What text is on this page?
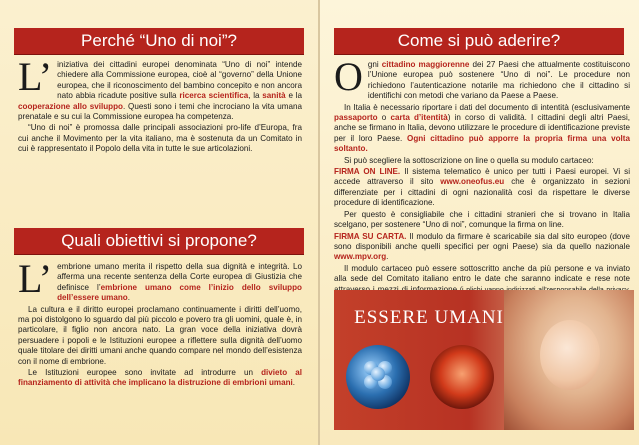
Perché “Uno di noi”?
L’ iniziativa dei cittadini europei denominata “Uno di noi” intende chiedere alla Commissione europea, cioè al “governo” della Unione europea, che il riconoscimento del bambino concepito e non ancora nato abbia ricadute positive sulla ricerca scientifica, la sanità e la cooperazione allo sviluppo. Questi sono i temi che incrociano la vita umana prenatale e su cui la Commissione europea ha competenza.

“Uno di noi” è promossa dalle principali associazioni pro-life d’Europa, fra cui anche il Movimento per la vita italiano, ma è sostenuta da un Comitato in cui è rappresentato il Popolo della vita in tutte le sue articolazioni.

Quali obiettivi si propone?
L’ embrione umano merita il rispetto della sua dignità e integrità. Lo afferma una recente sentenza della Corte europea di Giustizia che definisce l’embrione umano come l’inizio dello sviluppo dell’essere umano.

La cultura e il diritto europei proclamano continuamente i diritti dell’uomo, ma poi distolgono lo sguardo dal più piccolo e povero tra gli uomini, quale è, in particolare, il figlio non ancora nato. La gran voce della iniziativa dovrà persuadere i popoli e le Istituzioni europee a riflettere sulla dignità dell’uomo quale titolare dei diritti umani anche quando compare nel mondo dell’esistenza con il nome di embrione.

Le Istituzioni europee sono invitate ad introdurre un divieto al finanziamento di attività che implicano la distruzione di embrioni umani.

Come si può aderire?
O gni cittadino maggiorenne dei 27 Paesi che attualmente costituiscono l’Unione europea può sostenere “Uno di noi”. Le procedure non richiedono l’autenticazione notarile ma richiedono che il cittadino si identifichi con metodi che variano da Paese a Paese.

In Italia è necessario riportare i dati del documento di intentità (esclusivamente passaporto o carta d’itentità) in corso di validità. I cittadini degli altri Paesi, anche se firmano in Italia, devono utilizzare le procedure di identificazione previste per il loro Paese. Ogni cittadino può apporre la propria firma una volta soltanto.

Si può scegliere la sottoscrizione on line o quella su modulo cartaceo:

FIRMA ON LINE. Il sistema telematico è unico per tutti i Paesi europei. Vi si accede attraverso il sito www.oneofus.eu che è organizzato in sezioni differenziate per i cittadini di ogni nazionalità così da rispettare le diverse procedure di identificazione.

Per questo è consigliabile che i cittadini stranieri che si trovano in Italia scelgano, per sostenere “Uno di noi”, comunque la firma on line.

FIRMA SU CARTA. Il modulo da firmare è scaricabile sia dal sito europeo (dove sono disponibili anche quelli specifici per ogni Paese) sia da quello nazionale www.mpv.org.

Il modulo cartaceo può essere sottoscritto anche da più persone e va inviato alla sede del Comitato italiano entro le date che saranno indicate e rese note

ESSERE UMANI
